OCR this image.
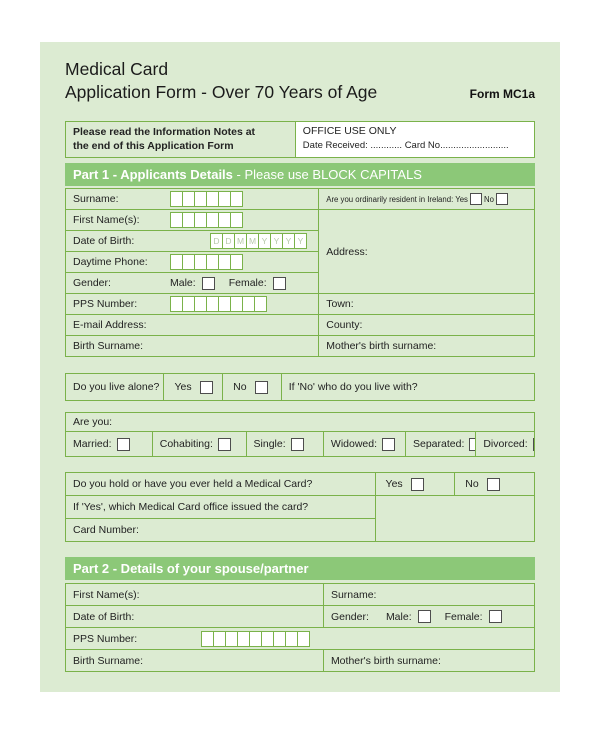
Medical Card
Application Form - Over 70 Years of Age	Form MC1a
Please read the Information Notes at
the end of this Application Form

OFFICE USE ONLY
Date Received: ............ Card No..........................
Part 1 - Applicants Details - Please use BLOCK CAPITALS
Surname:	Are you ordinarily resident in Ireland: Yes No

First Name(s):	Address:

Date of Birth:	D D M M Y Y Y Y

Daytime Phone:	

Gender: Male: Female:	

PPS Number:	Town:
E-mail Address:	County:
Birth Surname:	Mother's birth surname:
Do you live alone?	Yes	No	If 'No' who do you live with?
Are you:

Married:	Cohabiting:	Single:	Widowed:	Separated:	Divorced:
Do you hold or have you ever held a Medical Card?	Yes	No

If 'Yes', which Medical Card office issued the card?		
Card Number:		
Part 2 - Details of your spouse/partner
First Name(s):	Surname:
Date of Birth:	Gender: Male: Female:

PPS Number:	

Birth Surname:	Mother's birth surname:
